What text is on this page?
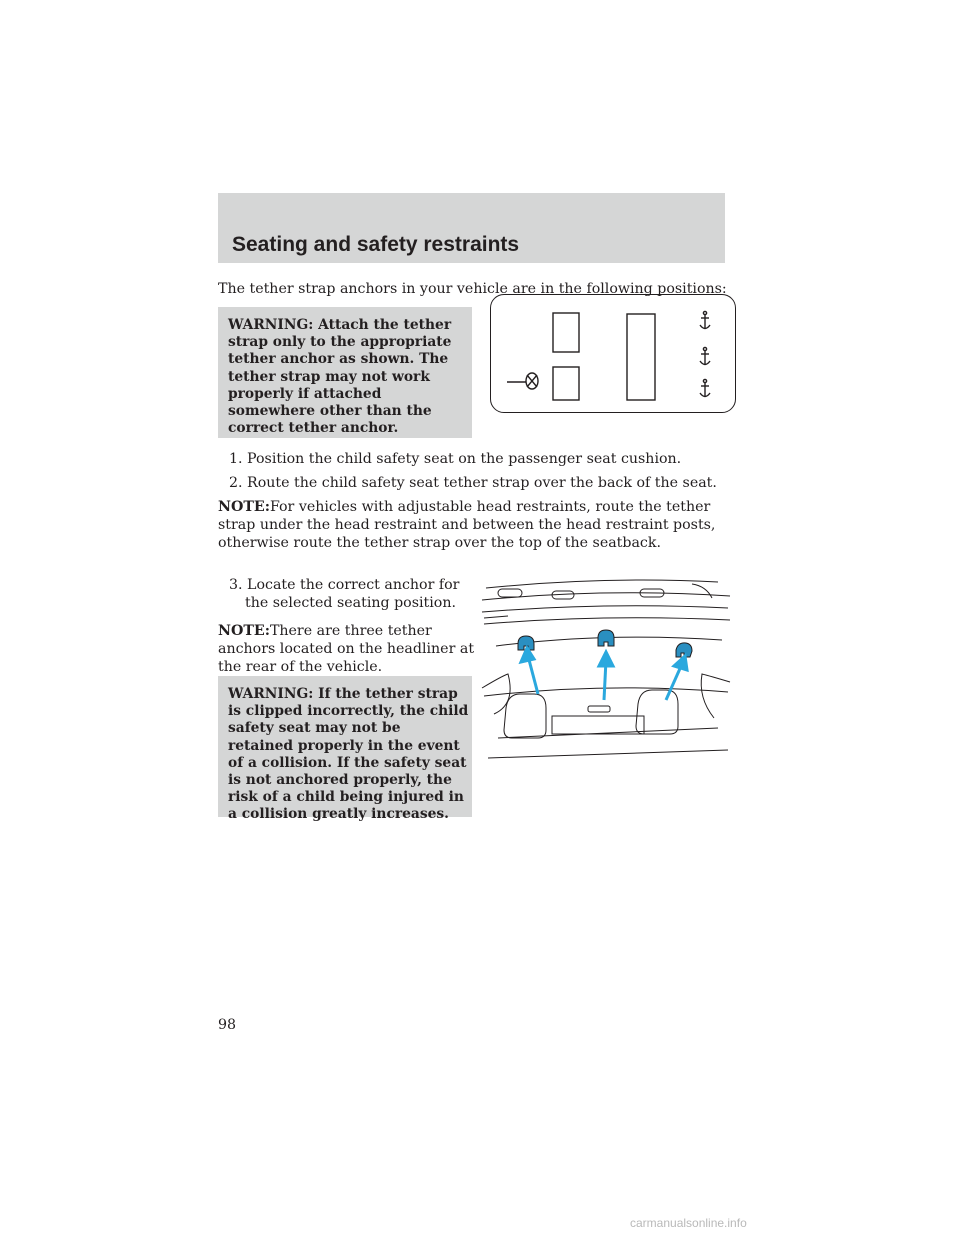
Seating and safety restraints
The tether strap anchors in your vehicle are in the following positions:
WARNING: Attach the tether
strap only to the appropriate
tether anchor as shown. The
tether strap may not work
properly if attached
somewhere other than the
correct tether anchor.
1. Position the child safety seat on the passenger seat cushion.
2. Route the child safety seat tether strap over the back of the seat.
NOTE:For vehicles with adjustable head restraints, route the tether
strap under the head restraint and between the head restraint posts,
otherwise route the tether strap over the top of the seatback.
3. Locate the correct anchor for
the selected seating position.
NOTE:There are three tether
anchors located on the headliner at
the rear of the vehicle.
WARNING: If the tether strap
is clipped incorrectly, the child
safety seat may not be
retained properly in the event
of a collision. If the safety seat
is not anchored properly, the
risk of a child being injured in
a collision greatly increases.
98
carmanualsonline.info
